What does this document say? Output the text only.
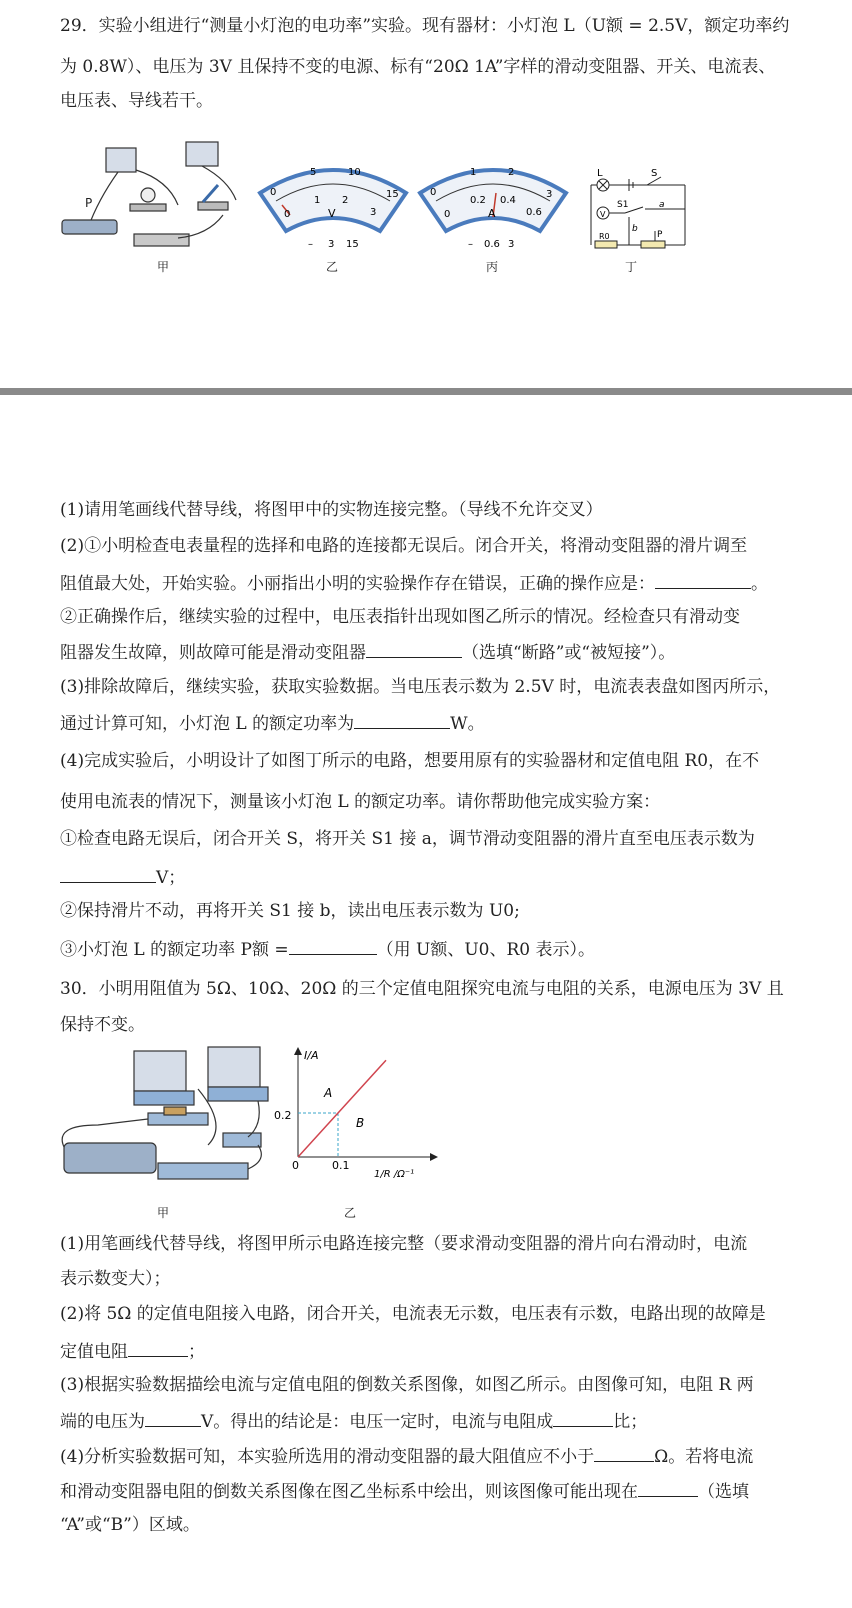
29．实验小组进行“测量小灯泡的电功率”实验。现有器材：小灯泡 L（U额 = 2.5V，额定功率约
为 0.8W）、电压为 3V 且保持不变的电源、标有“20Ω 1A”字样的滑动变阻器、开关、电流表、
电压表、导线若干。
P
甲
0
5	10
15
0
1 2
3
V
– 3 15
乙
0
1	2
3
0
0.2 0.4
0.6
A
– 0.6 3
丙
L	S
V
S1	a
b
R0	P
丁
(1)请用笔画线代替导线，将图甲中的实物连接完整。（导线不允许交叉）
(2)①小明检查电表量程的选择和电路的连接都无误后。闭合开关，将滑动变阻器的滑片调至
阻值最大处，开始实验。小丽指出小明的实验操作存在错误，正确的操作应是：	。
②正确操作后，继续实验的过程中，电压表指针出现如图乙所示的情况。经检查只有滑动变
阻器发生故障，则故障可能是滑动变阻器	（选填“断路”或“被短接”）。
(3)排除故障后，继续实验，获取实验数据。当电压表示数为 2.5V 时，电流表表盘如图丙所示，
通过计算可知，小灯泡 L 的额定功率为	W。
(4)完成实验后，小明设计了如图丁所示的电路，想要用原有的实验器材和定值电阻 R0，在不
使用电流表的情况下，测量该小灯泡 L 的额定功率。请你帮助他完成实验方案：
①检查电路无误后，闭合开关 S，将开关 S1 接 a，调节滑动变阻器的滑片直至电压表示数为
V；
②保持滑片不动，再将开关 S1 接 b，读出电压表示数为 U0;
③小灯泡 L 的额定功率 P额 =	（用 U额、U0、R0 表示）。
30．小明用阻值为 5Ω、10Ω、20Ω 的三个定值电阻探究电流与电阻的关系，电源电压为 3V 且
保持不变。
甲
I/A
1/R /Ω⁻¹
0.2
0.1
0
A
B
乙
(1)用笔画线代替导线，将图甲所示电路连接完整（要求滑动变阻器的滑片向右滑动时，电流
表示数变大）；
(2)将 5Ω 的定值电阻接入电路，闭合开关，电流表无示数，电压表有示数，电路出现的故障是
定值电阻	；
(3)根据实验数据描绘电流与定值电阻的倒数关系图像，如图乙所示。由图像可知，电阻 R 两
端的电压为	V。得出的结论是：电压一定时，电流与电阻成	比；
(4)分析实验数据可知，本实验所选用的滑动变阻器的最大阻值应不小于	Ω。若将电流
和滑动变阻器电阻的倒数关系图像在图乙坐标系中绘出，则该图像可能出现在	（选填
“A”或“B”）区域。
